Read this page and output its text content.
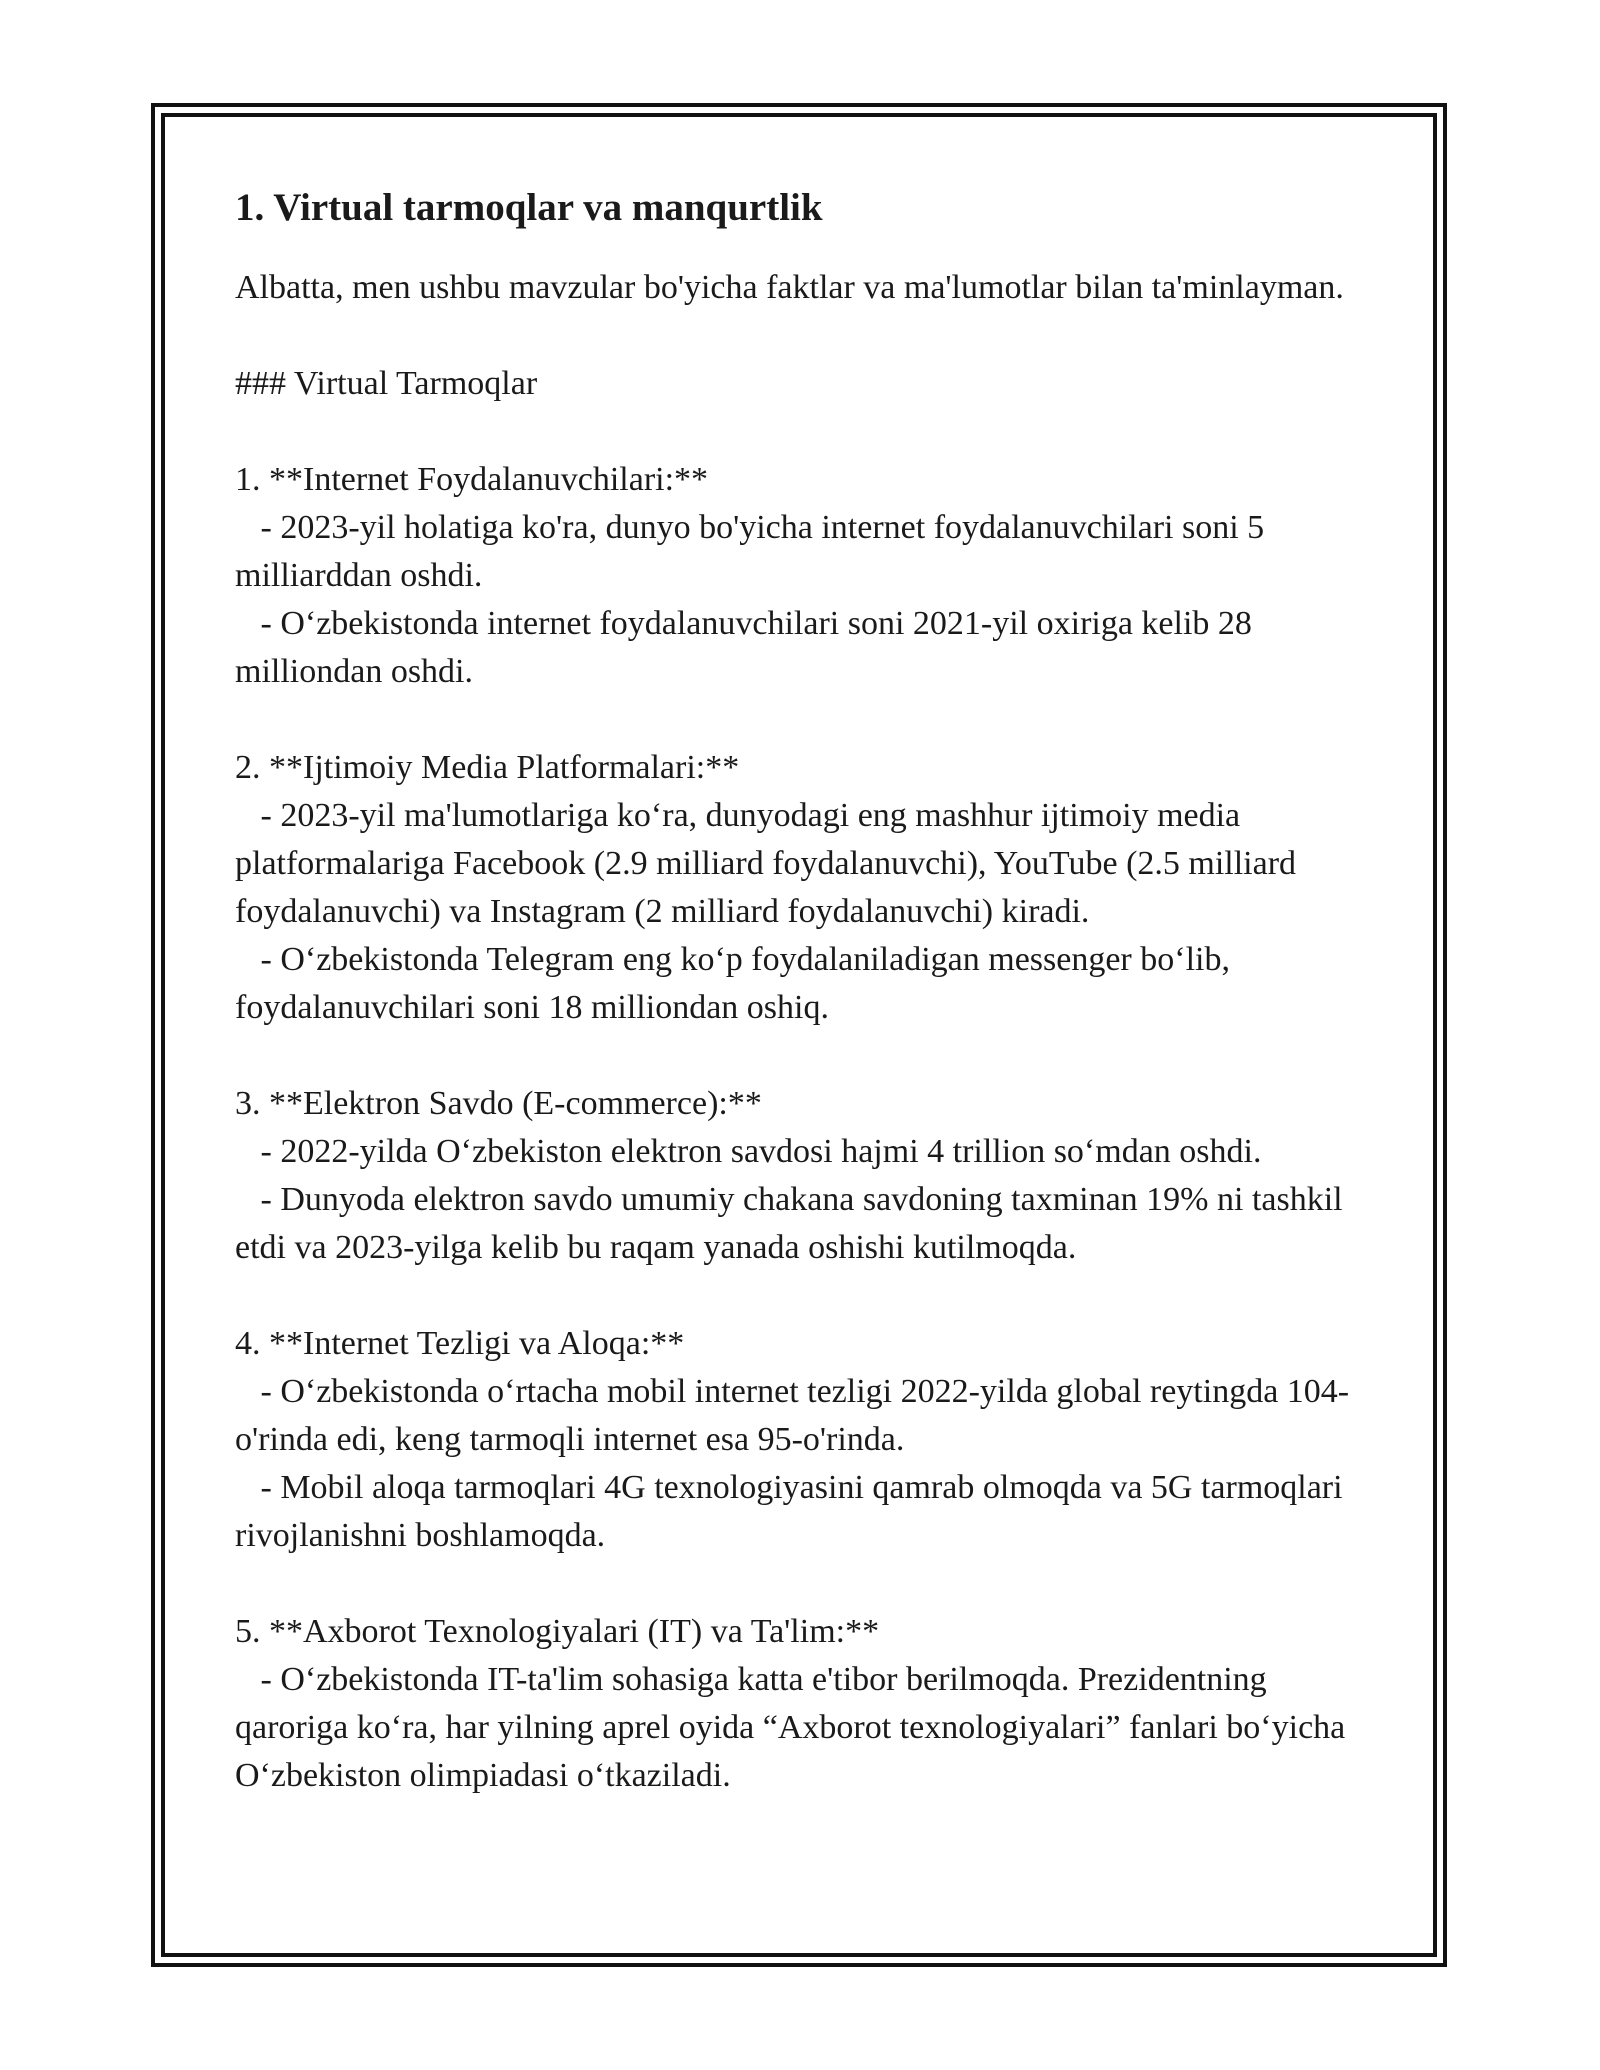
1. Virtual tarmoqlar va manqurtlik

Albatta, men ushbu mavzular bo'yicha faktlar va ma'lumotlar bilan ta'minlayman.

### Virtual Tarmoqlar

1. **Internet Foydalanuvchilari:**

- 2023-yil holatiga ko'ra, dunyo bo'yicha internet foydalanuvchilari soni 5 milliarddan oshdi.

- O‘zbekistonda internet foydalanuvchilari soni 2021-yil oxiriga kelib 28 milliondan oshdi.

2. **Ijtimoiy Media Platformalari:**

- 2023-yil ma'lumotlariga ko‘ra, dunyodagi eng mashhur ijtimoiy media platformalariga Facebook (2.9 milliard foydalanuvchi), YouTube (2.5 milliard foydalanuvchi) va Instagram (2 milliard foydalanuvchi) kiradi.

- O‘zbekistonda Telegram eng ko‘p foydalaniladigan messenger bo‘lib, foydalanuvchilari soni 18 milliondan oshiq.

3. **Elektron Savdo (E-commerce):**

- 2022-yilda O‘zbekiston elektron savdosi hajmi 4 trillion so‘mdan oshdi.

- Dunyoda elektron savdo umumiy chakana savdoning taxminan 19% ni tashkil etdi va 2023-yilga kelib bu raqam yanada oshishi kutilmoqda.

4. **Internet Tezligi va Aloqa:**

- O‘zbekistonda o‘rtacha mobil internet tezligi 2022-yilda global reytingda 104-o'rinda edi, keng tarmoqli internet esa 95-o'rinda.

- Mobil aloqa tarmoqlari 4G texnologiyasini qamrab olmoqda va 5G tarmoqlari rivojlanishni boshlamoqda.

5. **Axborot Texnologiyalari (IT) va Ta'lim:**

- O‘zbekistonda IT-ta'lim sohasiga katta e'tibor berilmoqda. Prezidentning qaroriga ko‘ra, har yilning aprel oyida “Axborot texnologiyalari” fanlari bo‘yicha O‘zbekiston olimpiadasi o‘tkaziladi.
